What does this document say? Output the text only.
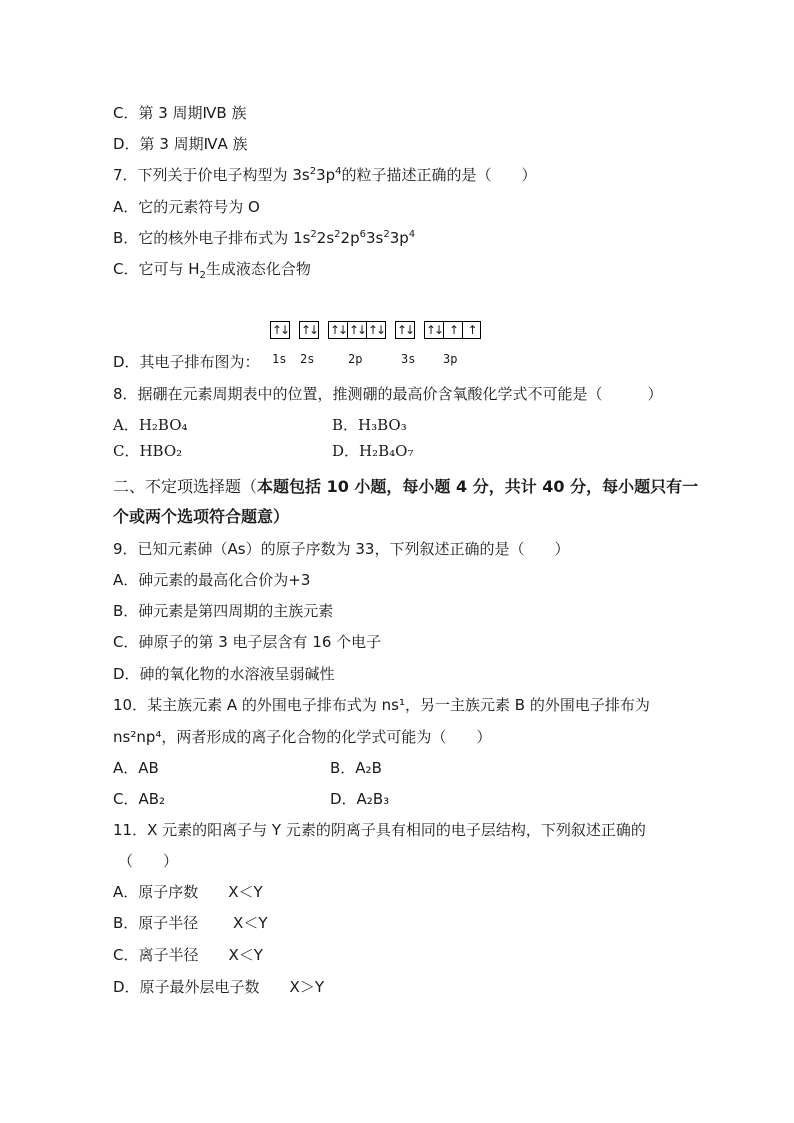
C．第 3 周期ⅣB 族
D．第 3 周期ⅣA 族
7．下列关于价电子构型为 $3s^23p^4$的粒子描述正确的是（　　）
A．它的元素符号为 O
B．它的核外电子排布式为 $1s^22s^22p^63s^23p^4$
C．它可与 $H_2$生成液态化合物
↑↓ ↑↓ ↑↓ ↑↓ ↑↓ ↑↓ ↑↓ ↑ ↑
D．其电子排布图为： 1s 2s	2p	3s 3p
8．据硼在元素周期表中的位置，推测硼的最高价含氧酸化学式不可能是（　　　）
A．H₂BO₄	B．H₃BO₃
C．HBO₂	D．H₂B₄O₇
二、不定项选择题（本题包括 10 小题，每小题 4 分，共计 40 分，每小题只有一
个或两个选项符合题意）
9．已知元素砷（As）的原子序数为 33，下列叙述正确的是（　　）
A．砷元素的最高化合价为+3
B．砷元素是第四周期的主族元素
C．砷原子的第 3 电子层含有 16 个电子
D．砷的氧化物的水溶液呈弱碱性
10．某主族元素 A 的外围电子排布式为 ns¹，另一主族元素 B 的外围电子排布为
ns²np⁴，两者形成的离子化合物的化学式可能为（　　）
A．AB	B．A₂B
C．AB₂	D．A₂B₃
11．X 元素的阳离子与 Y 元素的阴离子具有相同的电子层结构，下列叙述正确的
（　　）
A．原子序数　　X＜Y
B．原子半径　　 X＜Y
C．离子半径　　X＜Y
D．原子最外层电子数　　X＞Y
